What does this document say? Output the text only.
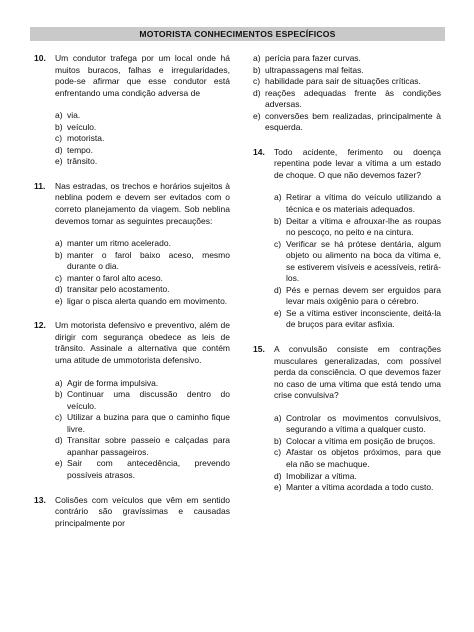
MOTORISTA CONHECIMENTOS ESPECÍFICOS
10.	Um condutor trafega por um local onde há muitos buracos, falhas e irregularidades, pode-se afirmar que esse condutor está enfrentando uma condição adversa de
a) via.
b) veículo.
c) motorista.
d) tempo.
e) trânsito.
11.	Nas estradas, os trechos e horários sujeitos à neblina podem e devem ser evitados com o correto planejamento da viagem. Sob neblina devemos tomar as seguintes precauções:
a) manter um ritmo acelerado.
b) manter o farol baixo aceso, mesmo durante o dia.
c) manter o farol alto aceso.
d) transitar pelo acostamento.
e) ligar o pisca alerta quando em movimento.
12.	Um motorista defensivo e preventivo, além de dirigir com segurança obedece as leis de trânsito. Assinale a alternativa que contém uma atitude de ummotorista defensivo.
a) Agir de forma impulsiva.
b) Continuar uma discussão dentro do veículo.
c) Utilizar a buzina para que o caminho fique livre.
d) Transitar sobre passeio e calçadas para apanhar passageiros.
e) Sair com antecedência, prevendo possíveis atrasos.
13.	Colisões com veículos que vêm em sentido contrário são gravíssimas e causadas principalmente por
a) perícia para fazer curvas.
b) ultrapassagens mal feitas.
c) habilidade para sair de situações críticas.
d) reações adequadas frente às condições adversas.
e) conversões bem realizadas, principalmente à esquerda.
14.	Todo acidente, ferimento ou doença repentina pode levar a vítima a um estado de choque. O que não devemos fazer?
a) Retirar a vítima do veículo utilizando a técnica e os materiais adequados.
b) Deitar a vítima e afrouxar-lhe as roupas no pescoço, no peito e na cintura.
c) Verificar se há prótese dentária, algum objeto ou alimento na boca da vítima e, se estiverem visíveis e acessíveis, retirá-los.
d) Pés e pernas devem ser erguidos para levar mais oxigênio para o cérebro.
e) Se a vítima estiver inconsciente, deitá-la de bruços para evitar asfixia.
15.	A convulsão consiste em contrações musculares generalizadas, com possível perda da consciência. O que devemos fazer no caso de uma vítima que está tendo uma crise convulsiva?
a) Controlar os movimentos convulsivos, segurando a vítima a qualquer custo.
b) Colocar a vítima em posição de bruços.
c) Afastar os objetos próximos, para que ela não se machuque.
d) Imobilizar a vítima.
e) Manter a vítima acordada a todo custo.
